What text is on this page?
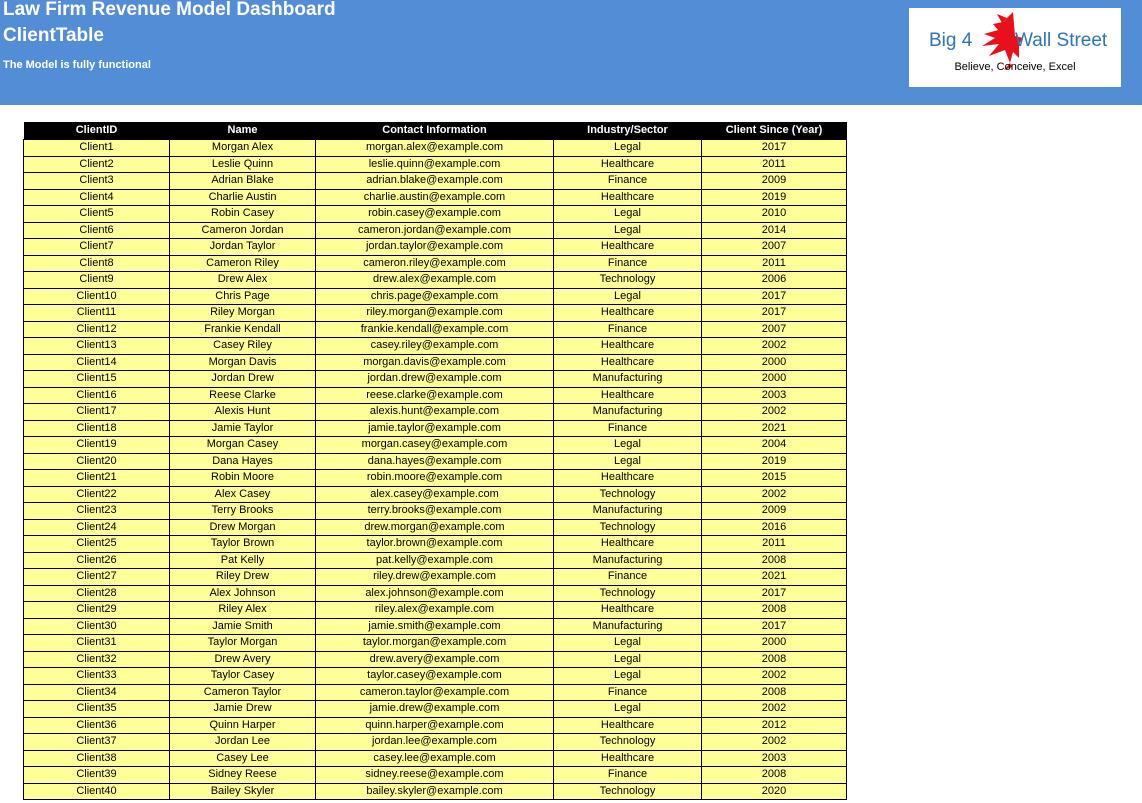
Law Firm Revenue Model Dashboard
ClientTable
The Model is fully functional
Big 4 Wall Street
Believe, Conceive, Excel
ClientID	Name	Contact Information	Industry/Sector	Client Since (Year)
Client1	Morgan Alex	morgan.alex@example.com	Legal	2017
Client2	Leslie Quinn	leslie.quinn@example.com	Healthcare	2011
Client3	Adrian Blake	adrian.blake@example.com	Finance	2009
Client4	Charlie Austin	charlie.austin@example.com	Healthcare	2019
Client5	Robin Casey	robin.casey@example.com	Legal	2010
Client6	Cameron Jordan	cameron.jordan@example.com	Legal	2014
Client7	Jordan Taylor	jordan.taylor@example.com	Healthcare	2007
Client8	Cameron Riley	cameron.riley@example.com	Finance	2011
Client9	Drew Alex	drew.alex@example.com	Technology	2006
Client10	Chris Page	chris.page@example.com	Legal	2017
Client11	Riley Morgan	riley.morgan@example.com	Healthcare	2017
Client12	Frankie Kendall	frankie.kendall@example.com	Finance	2007
Client13	Casey Riley	casey.riley@example.com	Healthcare	2002
Client14	Morgan Davis	morgan.davis@example.com	Healthcare	2000
Client15	Jordan Drew	jordan.drew@example.com	Manufacturing	2000
Client16	Reese Clarke	reese.clarke@example.com	Healthcare	2003
Client17	Alexis Hunt	alexis.hunt@example.com	Manufacturing	2002
Client18	Jamie Taylor	jamie.taylor@example.com	Finance	2021
Client19	Morgan Casey	morgan.casey@example.com	Legal	2004
Client20	Dana Hayes	dana.hayes@example.com	Legal	2019
Client21	Robin Moore	robin.moore@example.com	Healthcare	2015
Client22	Alex Casey	alex.casey@example.com	Technology	2002
Client23	Terry Brooks	terry.brooks@example.com	Manufacturing	2009
Client24	Drew Morgan	drew.morgan@example.com	Technology	2016
Client25	Taylor Brown	taylor.brown@example.com	Healthcare	2011
Client26	Pat Kelly	pat.kelly@example.com	Manufacturing	2008
Client27	Riley Drew	riley.drew@example.com	Finance	2021
Client28	Alex Johnson	alex.johnson@example.com	Technology	2017
Client29	Riley Alex	riley.alex@example.com	Healthcare	2008
Client30	Jamie Smith	jamie.smith@example.com	Manufacturing	2017
Client31	Taylor Morgan	taylor.morgan@example.com	Legal	2000
Client32	Drew Avery	drew.avery@example.com	Legal	2008
Client33	Taylor Casey	taylor.casey@example.com	Legal	2002
Client34	Cameron Taylor	cameron.taylor@example.com	Finance	2008
Client35	Jamie Drew	jamie.drew@example.com	Legal	2002
Client36	Quinn Harper	quinn.harper@example.com	Healthcare	2012
Client37	Jordan Lee	jordan.lee@example.com	Technology	2002
Client38	Casey Lee	casey.lee@example.com	Healthcare	2003
Client39	Sidney Reese	sidney.reese@example.com	Finance	2008
Client40	Bailey Skyler	bailey.skyler@example.com	Technology	2020
